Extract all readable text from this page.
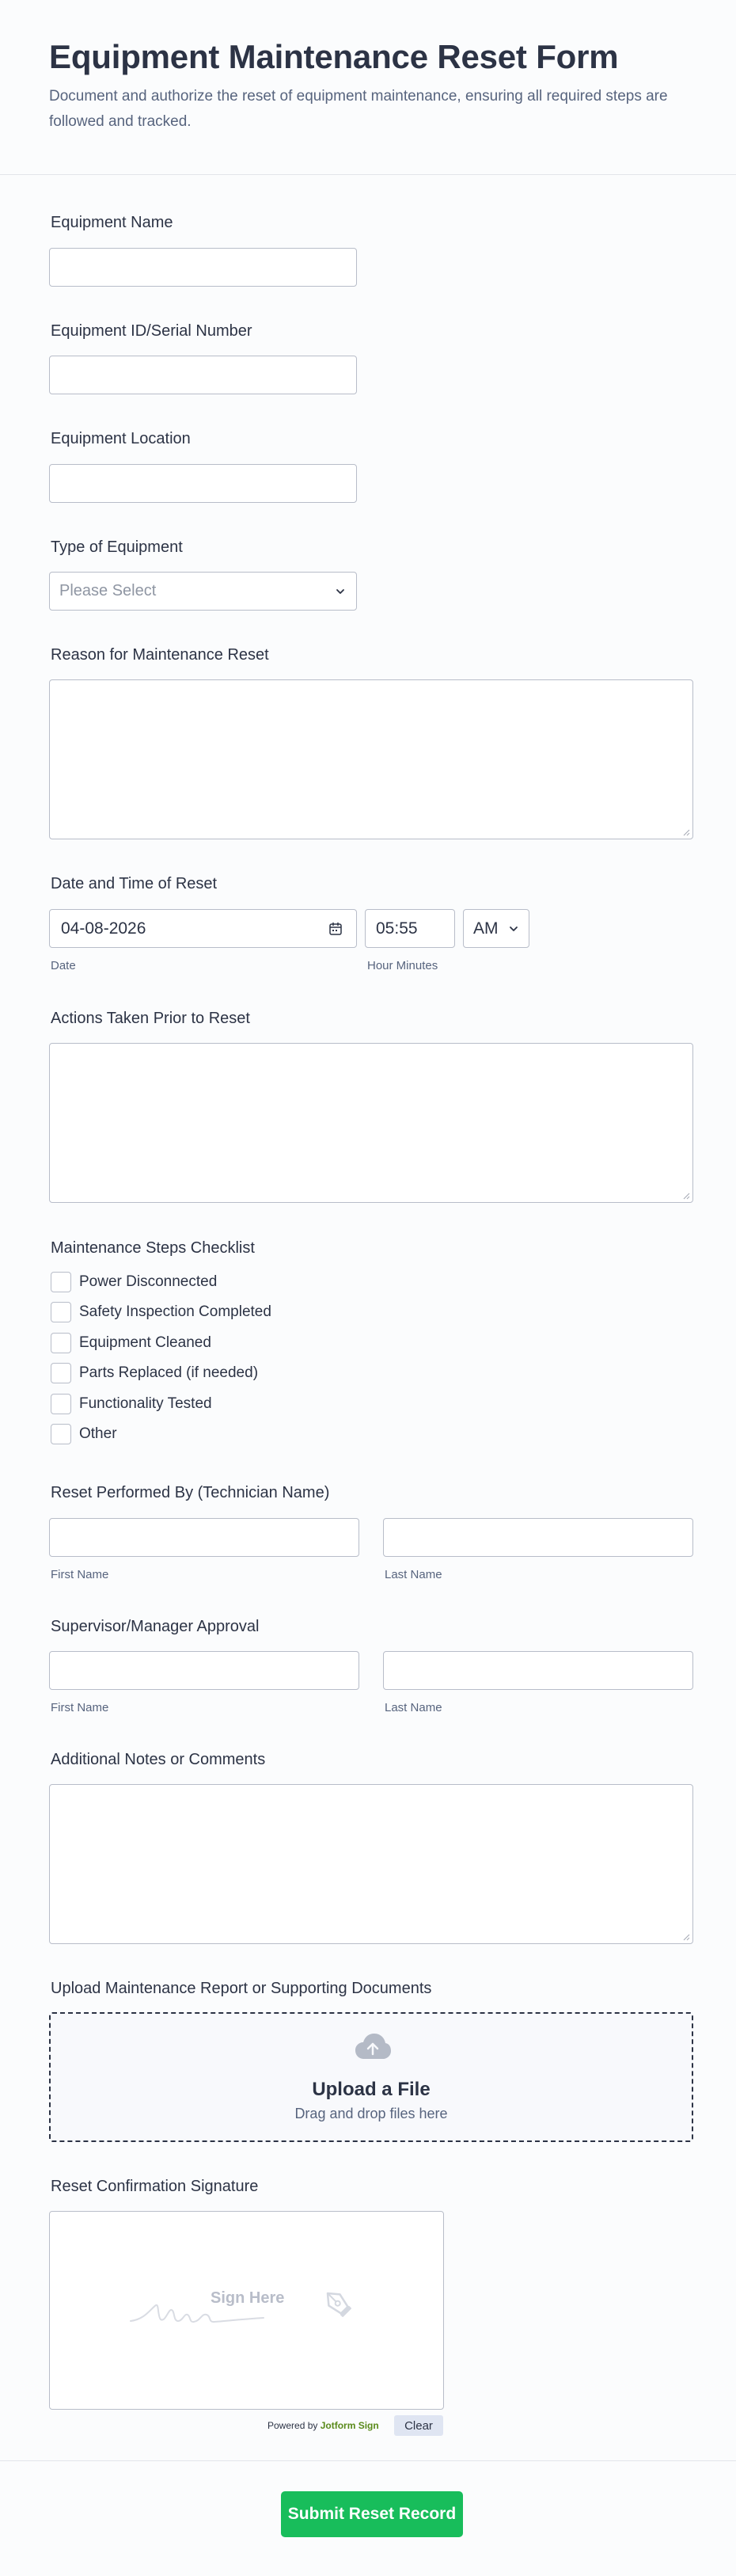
Equipment Maintenance Reset Form

Document and authorize the reset of equipment maintenance, ensuring all required steps are followed and tracked.

Equipment Name
Equipment ID/Serial Number
Equipment Location
Type of Equipment
Please Select
Reason for Maintenance Reset
Date and Time of Reset
04-08-2026
Date
05:55
Hour Minutes
AM
Actions Taken Prior to Reset
Maintenance Steps Checklist
Power Disconnected
Safety Inspection Completed
Equipment Cleaned
Parts Replaced (if needed)
Functionality Tested
Other
Reset Performed By (Technician Name)
First Name	Last Name
Supervisor/Manager Approval
First Name	Last Name
Additional Notes or Comments
Upload Maintenance Report or Supporting Documents
Upload a File
Drag and drop files here
Reset Confirmation Signature
Sign Here
Powered by Jotform Sign	Clear
Submit Reset Record
